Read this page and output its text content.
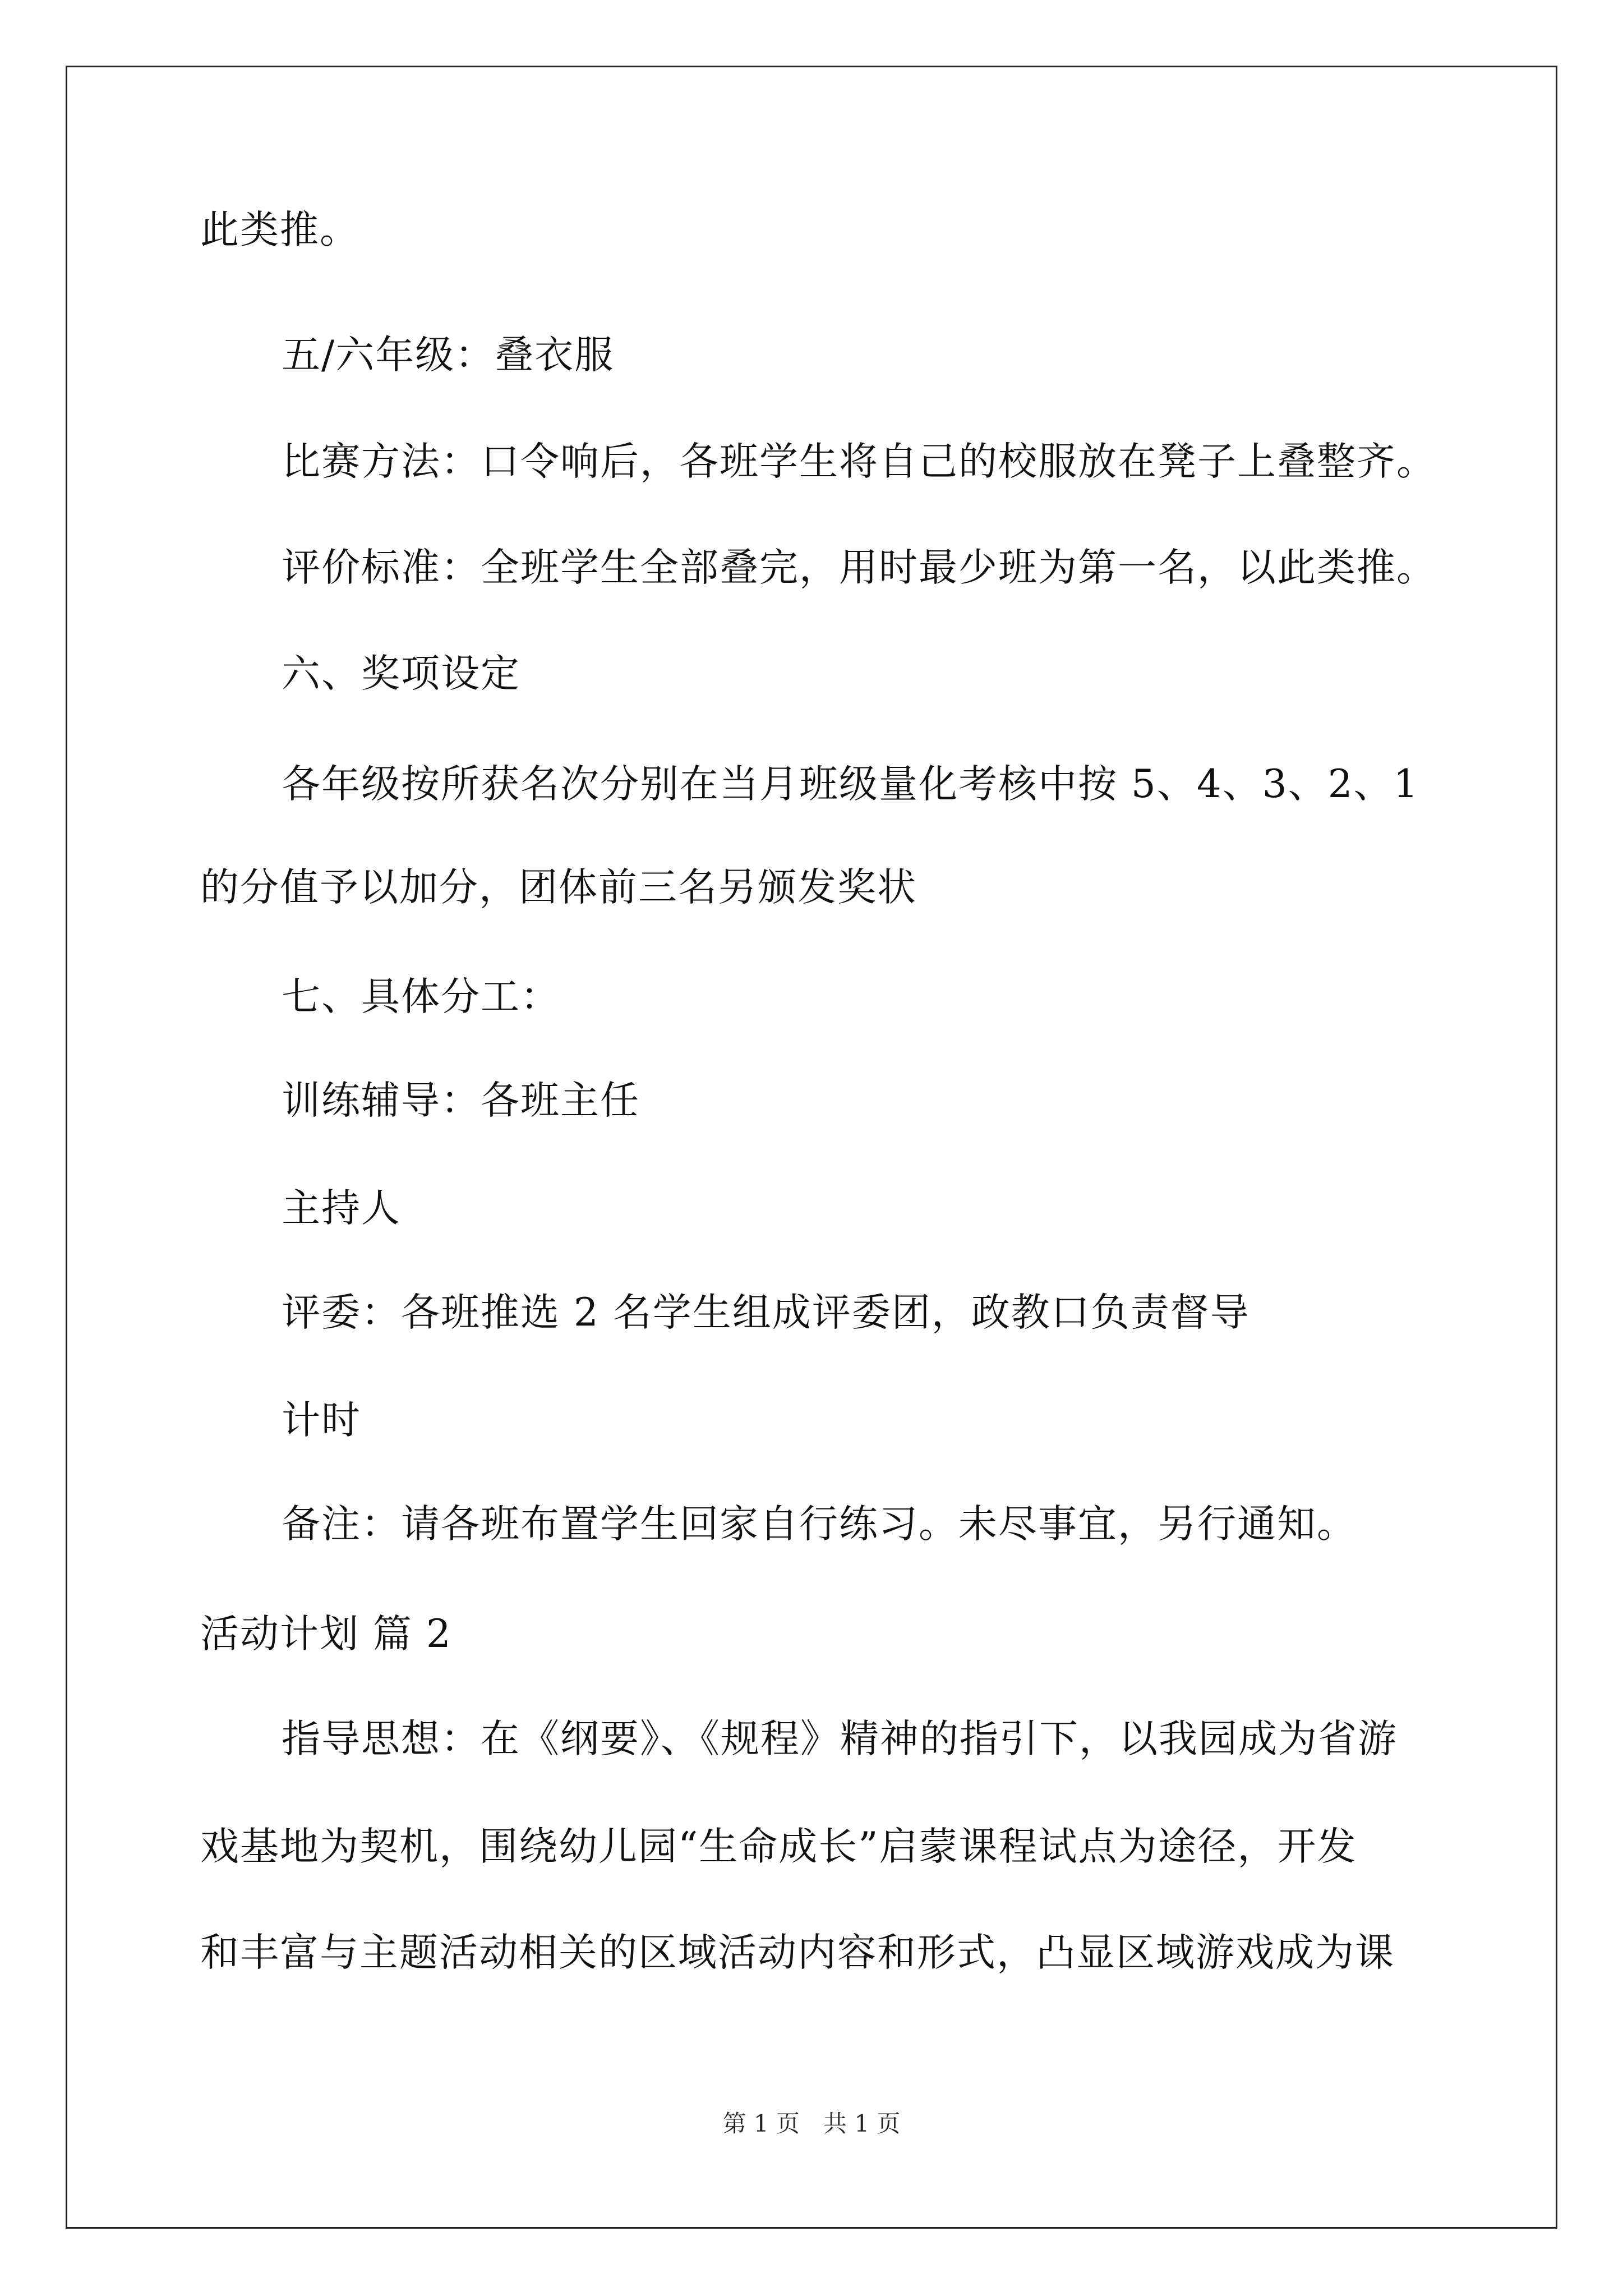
此类推。
五/六年级：叠衣服
比赛方法：口令响后，各班学生将自己的校服放在凳子上叠整齐。
评价标准：全班学生全部叠完，用时最少班为第一名，以此类推。
六、奖项设定
各年级按所获名次分别在当月班级量化考核中按 5、4、3、2、1
的分值予以加分，团体前三名另颁发奖状
七、具体分工：
训练辅导：各班主任
主持人
评委：各班推选 2 名学生组成评委团，政教口负责督导
计时
备注：请各班布置学生回家自行练习。未尽事宜，另行通知。
活动计划 篇 2
指导思想：在《纲要》、《规程》精神的指引下，以我园成为省游
戏基地为契机，围绕幼儿园“生命成长”启蒙课程试点为途径，开发
和丰富与主题活动相关的区域活动内容和形式，凸显区域游戏成为课
第 1 页　共 1 页
